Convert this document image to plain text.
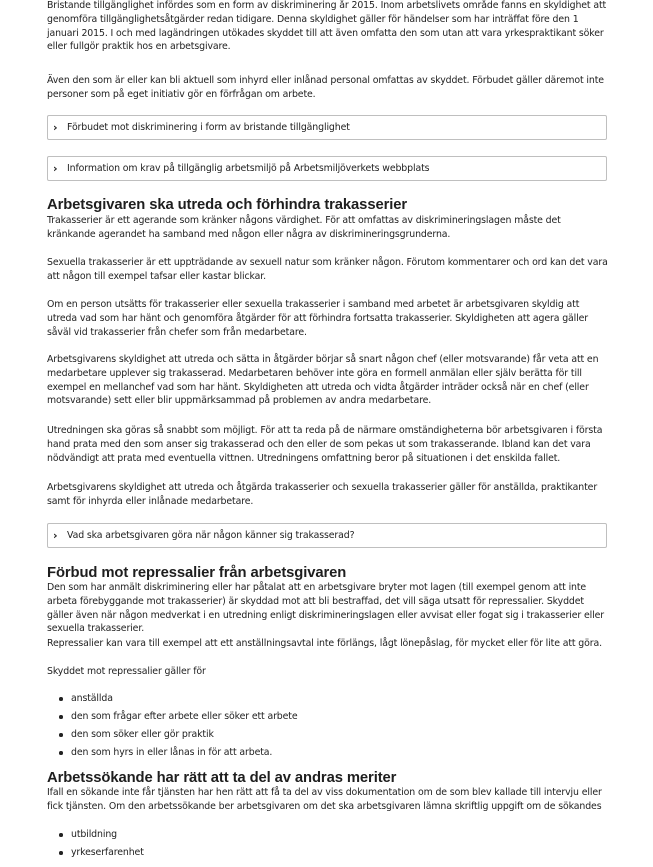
Bristande tillgänglighet infördes som en form av diskriminering år 2015. Inom arbetslivets område fanns en skyldighet att genomföra tillgänglighetsåtgärder redan tidigare. Denna skyldighet gäller för händelser som har inträffat före den 1 januari 2015. I och med lagändringen utökades skyddet till att även omfatta den som utan att vara yrkespraktikant söker eller fullgör praktik hos en arbetsgivare.

Även den som är eller kan bli aktuell som inhyrd eller inlånad personal omfattas av skyddet. Förbudet gäller däremot inte personer som på eget initiativ gör en förfrågan om arbete.

›	Förbudet mot diskriminering i form av bristande tillgänglighet
›	Information om krav på tillgänglig arbetsmiljö på Arbetsmiljöverkets webbplats
Arbetsgivaren ska utreda och förhindra trakasserier

Trakasserier är ett agerande som kränker någons värdighet. För att omfattas av diskrimineringslagen måste det kränkande agerandet ha samband med någon eller några av diskrimineringsgrunderna.

Sexuella trakasserier är ett uppträdande av sexuell natur som kränker någon. Förutom kommentarer och ord kan det vara att någon till exempel tafsar eller kastar blickar.

Om en person utsätts för trakasserier eller sexuella trakasserier i samband med arbetet är arbetsgivaren skyldig att utreda vad som har hänt och genomföra åtgärder för att förhindra fortsatta trakasserier. Skyldigheten att agera gäller såväl vid trakasserier från chefer som från medarbetare.

Arbetsgivarens skyldighet att utreda och sätta in åtgärder börjar så snart någon chef (eller motsvarande) får veta att en medarbetare upplever sig trakasserad. Medarbetaren behöver inte göra en formell anmälan eller själv berätta för till exempel en mellanchef vad som har hänt. Skyldigheten att utreda och vidta åtgärder inträder också när en chef (eller motsvarande) sett eller blir uppmärksammad på problemen av andra medarbetare.

Utredningen ska göras så snabbt som möjligt. För att ta reda på de närmare omständigheterna bör arbetsgivaren i första hand prata med den som anser sig trakasserad och den eller de som pekas ut som trakasserande. Ibland kan det vara nödvändigt att prata med eventuella vittnen. Utredningens omfattning beror på situationen i det enskilda fallet.

Arbetsgivarens skyldighet att utreda och åtgärda trakasserier och sexuella trakasserier gäller för anställda, praktikanter samt för inhyrda eller inlånade medarbetare.

›	Vad ska arbetsgivaren göra när någon känner sig trakasserad?
Förbud mot repressalier från arbetsgivaren

Den som har anmält diskriminering eller har påtalat att en arbetsgivare bryter mot lagen (till exempel genom att inte arbeta förebyggande mot trakasserier) är skyddad mot att bli bestraffad, det vill säga utsatt för repressalier. Skyddet gäller även när någon medverkat i en utredning enligt diskrimineringslagen eller avvisat eller fogat sig i trakasserier eller sexuella trakasserier.

Repressalier kan vara till exempel att ett anställningsavtal inte förlängs, lågt lönepåslag, för mycket eller för lite att göra.

Skyddet mot repressalier gäller för

anställda
den som frågar efter arbete eller söker ett arbete
den som söker eller gör praktik
den som hyrs in eller lånas in för att arbeta.
Arbetssökande har rätt att ta del av andras meriter

Ifall en sökande inte får tjänsten har hen rätt att få ta del av viss dokumentation om de som blev kallade till intervju eller fick tjänsten. Om den arbetssökande ber arbetsgivaren om det ska arbetsgivaren lämna skriftlig uppgift om de sökandes

utbildning
yrkeserfarenhet
